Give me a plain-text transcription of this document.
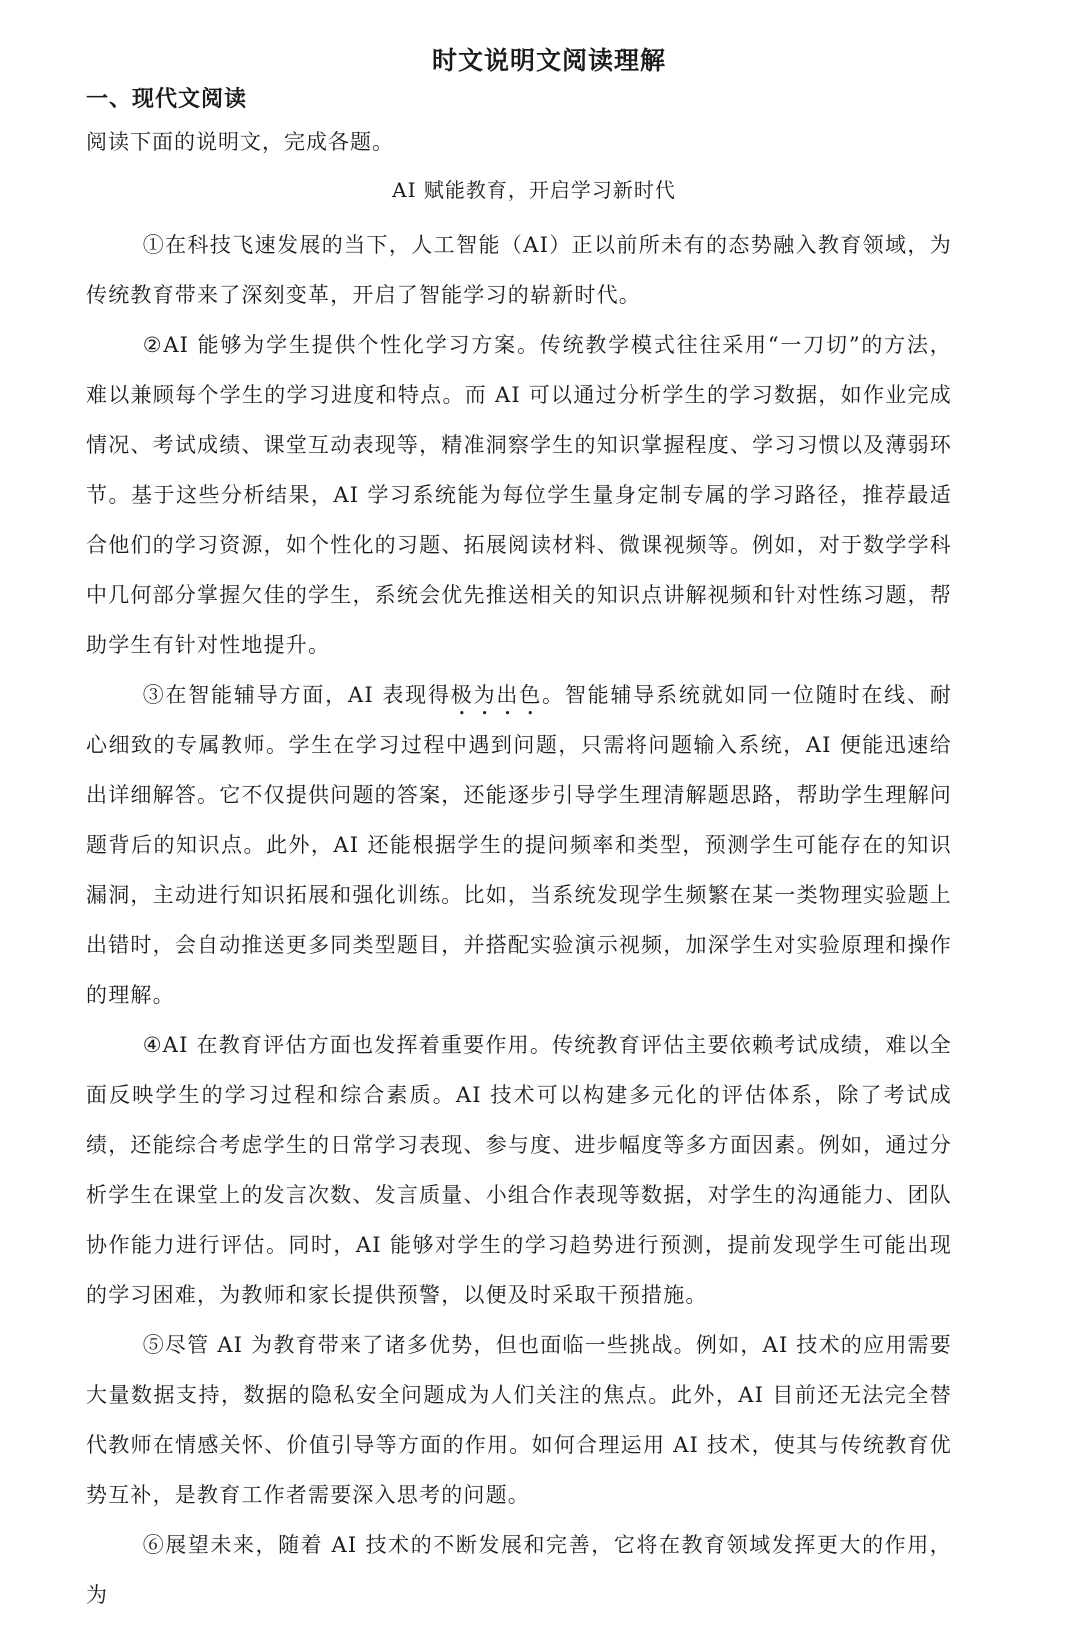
时文说明文阅读理解
一、现代文阅读
阅读下面的说明文，完成各题。
AI 赋能教育，开启学习新时代

①在科技飞速发展的当下，人工智能（AI）正以前所未有的态势融入教育领域，为传统教育带来了深刻变革，开启了智能学习的崭新时代。

②AI 能够为学生提供个性化学习方案。传统教学模式往往采用“一刀切”的方法，难以兼顾每个学生的学习进度和特点。而 AI 可以通过分析学生的学习数据，如作业完成情况、考试成绩、课堂互动表现等，精准洞察学生的知识掌握程度、学习习惯以及薄弱环节。基于这些分析结果，AI 学习系统能为每位学生量身定制专属的学习路径，推荐最适合他们的学习资源，如个性化的习题、拓展阅读材料、微课视频等。例如，对于数学学科中几何部分掌握欠佳的学生，系统会优先推送相关的知识点讲解视频和针对性练习题，帮助学生有针对性地提升。

③在智能辅导方面，AI 表现得极为出色。智能辅导系统就如同一位随时在线、耐心细致的专属教师。学生在学习过程中遇到问题，只需将问题输入系统，AI 便能迅速给出详细解答。它不仅提供问题的答案，还能逐步引导学生理清解题思路，帮助学生理解问题背后的知识点。此外，AI 还能根据学生的提问频率和类型，预测学生可能存在的知识漏洞，主动进行知识拓展和强化训练。比如，当系统发现学生频繁在某一类物理实验题上出错时，会自动推送更多同类型题目，并搭配实验演示视频，加深学生对实验原理和操作的理解。

④AI 在教育评估方面也发挥着重要作用。传统教育评估主要依赖考试成绩，难以全面反映学生的学习过程和综合素质。AI 技术可以构建多元化的评估体系，除了考试成绩，还能综合考虑学生的日常学习表现、参与度、进步幅度等多方面因素。例如，通过分析学生在课堂上的发言次数、发言质量、小组合作表现等数据，对学生的沟通能力、团队协作能力进行评估。同时，AI 能够对学生的学习趋势进行预测，提前发现学生可能出现的学习困难，为教师和家长提供预警，以便及时采取干预措施。

⑤尽管 AI 为教育带来了诸多优势，但也面临一些挑战。例如，AI 技术的应用需要大量数据支持，数据的隐私安全问题成为人们关注的焦点。此外，AI 目前还无法完全替代教师在情感关怀、价值引导等方面的作用。如何合理运用 AI 技术，使其与传统教育优势互补，是教育工作者需要深入思考的问题。

⑥展望未来，随着 AI 技术的不断发展和完善，它将在教育领域发挥更大的作用，为
